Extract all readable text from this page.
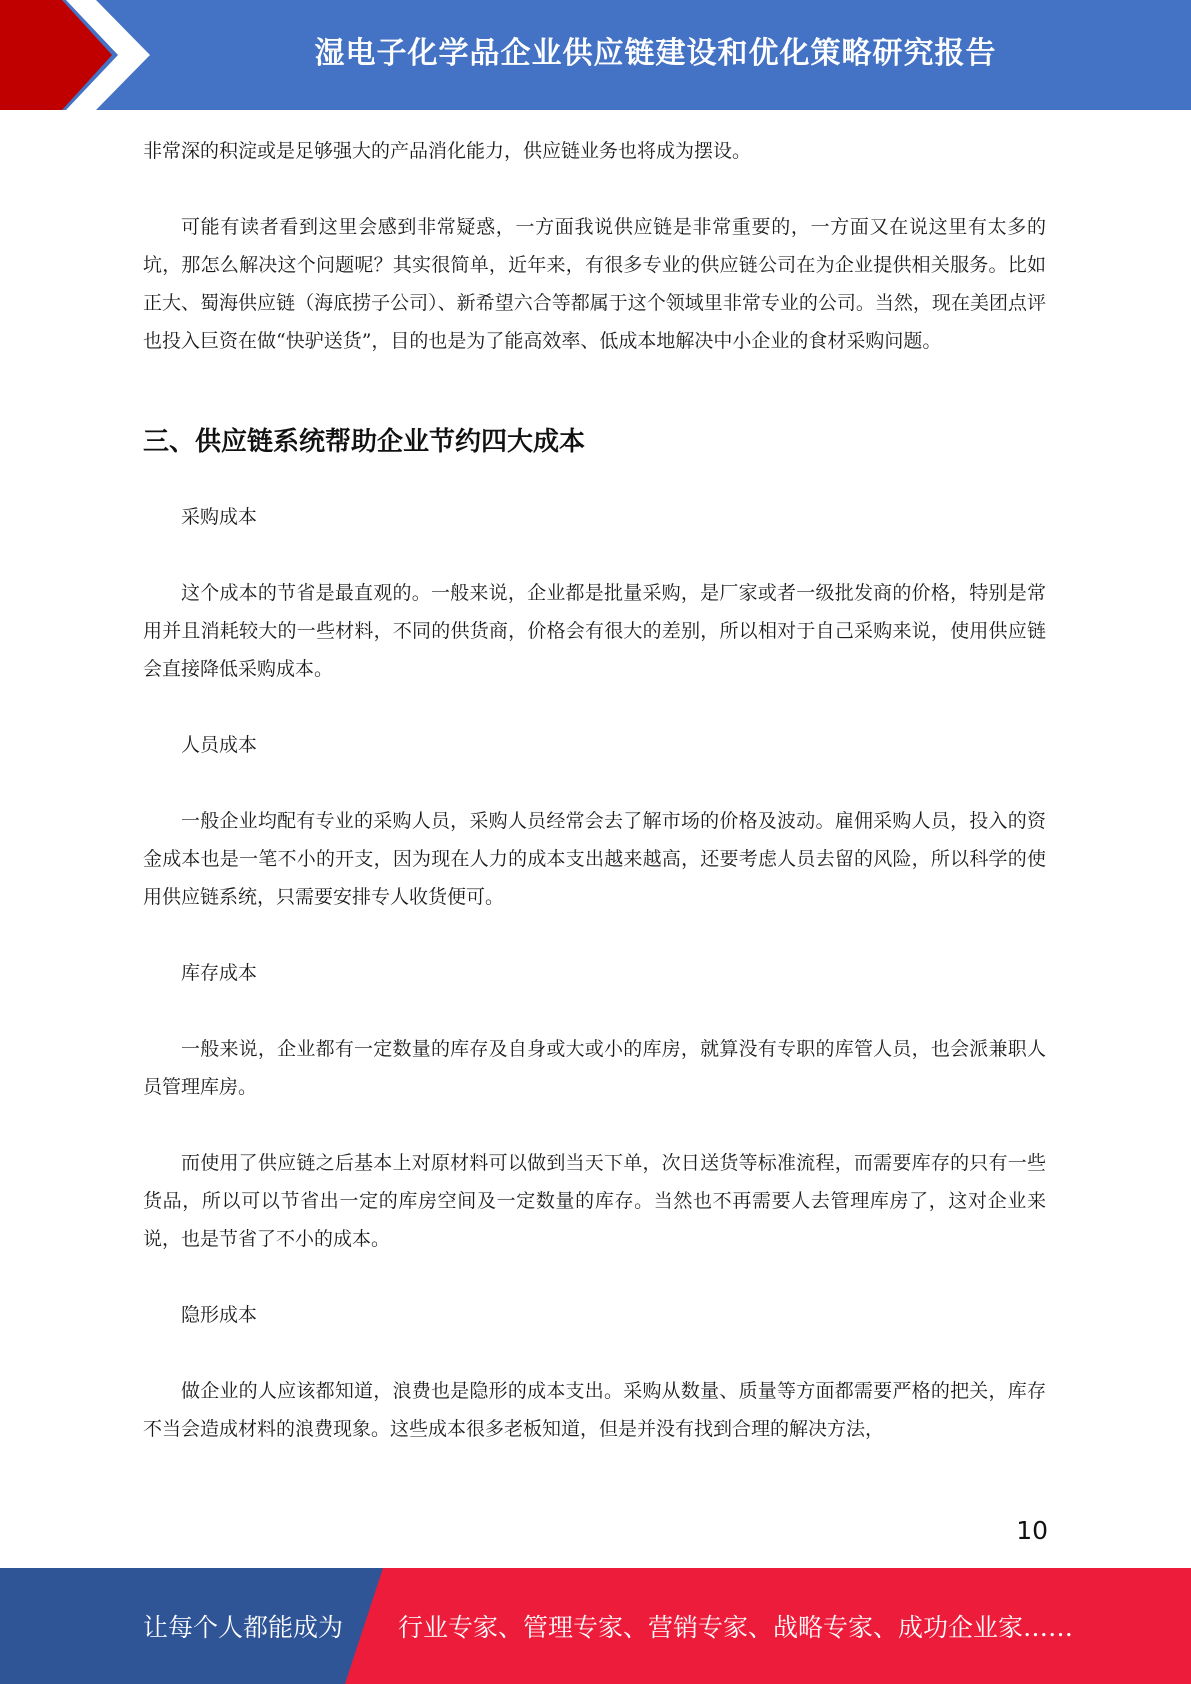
湿电子化学品企业供应链建设和优化策略研究报告

非常深的积淀或是足够强大的产品消化能力，供应链业务也将成为摆设。

可能有读者看到这里会感到非常疑惑，一方面我说供应链是非常重要的，一方面又在说这里有太多的坑，那怎么解决这个问题呢？其实很简单，近年来，有很多专业的供应链公司在为企业提供相关服务。比如正大、蜀海供应链（海底捞子公司）、新希望六合等都属于这个领域里非常专业的公司。当然，现在美团点评也投入巨资在做“快驴送货”，目的也是为了能高效率、低成本地解决中小企业的食材采购问题。

三、供应链系统帮助企业节约四大成本

采购成本

这个成本的节省是最直观的。一般来说，企业都是批量采购，是厂家或者一级批发商的价格，特别是常用并且消耗较大的一些材料，不同的供货商，价格会有很大的差别，所以相对于自己采购来说，使用供应链会直接降低采购成本。

人员成本

一般企业均配有专业的采购人员，采购人员经常会去了解市场的价格及波动。雇佣采购人员，投入的资金成本也是一笔不小的开支，因为现在人力的成本支出越来越高，还要考虑人员去留的风险，所以科学的使用供应链系统，只需要安排专人收货便可。

库存成本

一般来说，企业都有一定数量的库存及自身或大或小的库房，就算没有专职的库管人员，也会派兼职人员管理库房。

而使用了供应链之后基本上对原材料可以做到当天下单，次日送货等标准流程，而需要库存的只有一些货品，所以可以节省出一定的库房空间及一定数量的库存。当然也不再需要人去管理库房了，这对企业来说，也是节省了不小的成本。

隐形成本

做企业的人应该都知道，浪费也是隐形的成本支出。采购从数量、质量等方面都需要严格的把关，库存不当会造成材料的浪费现象。这些成本很多老板知道，但是并没有找到合理的解决方法，

10
让每个人都能成为 行业专家、管理专家、营销专家、战略专家、成功企业家……
